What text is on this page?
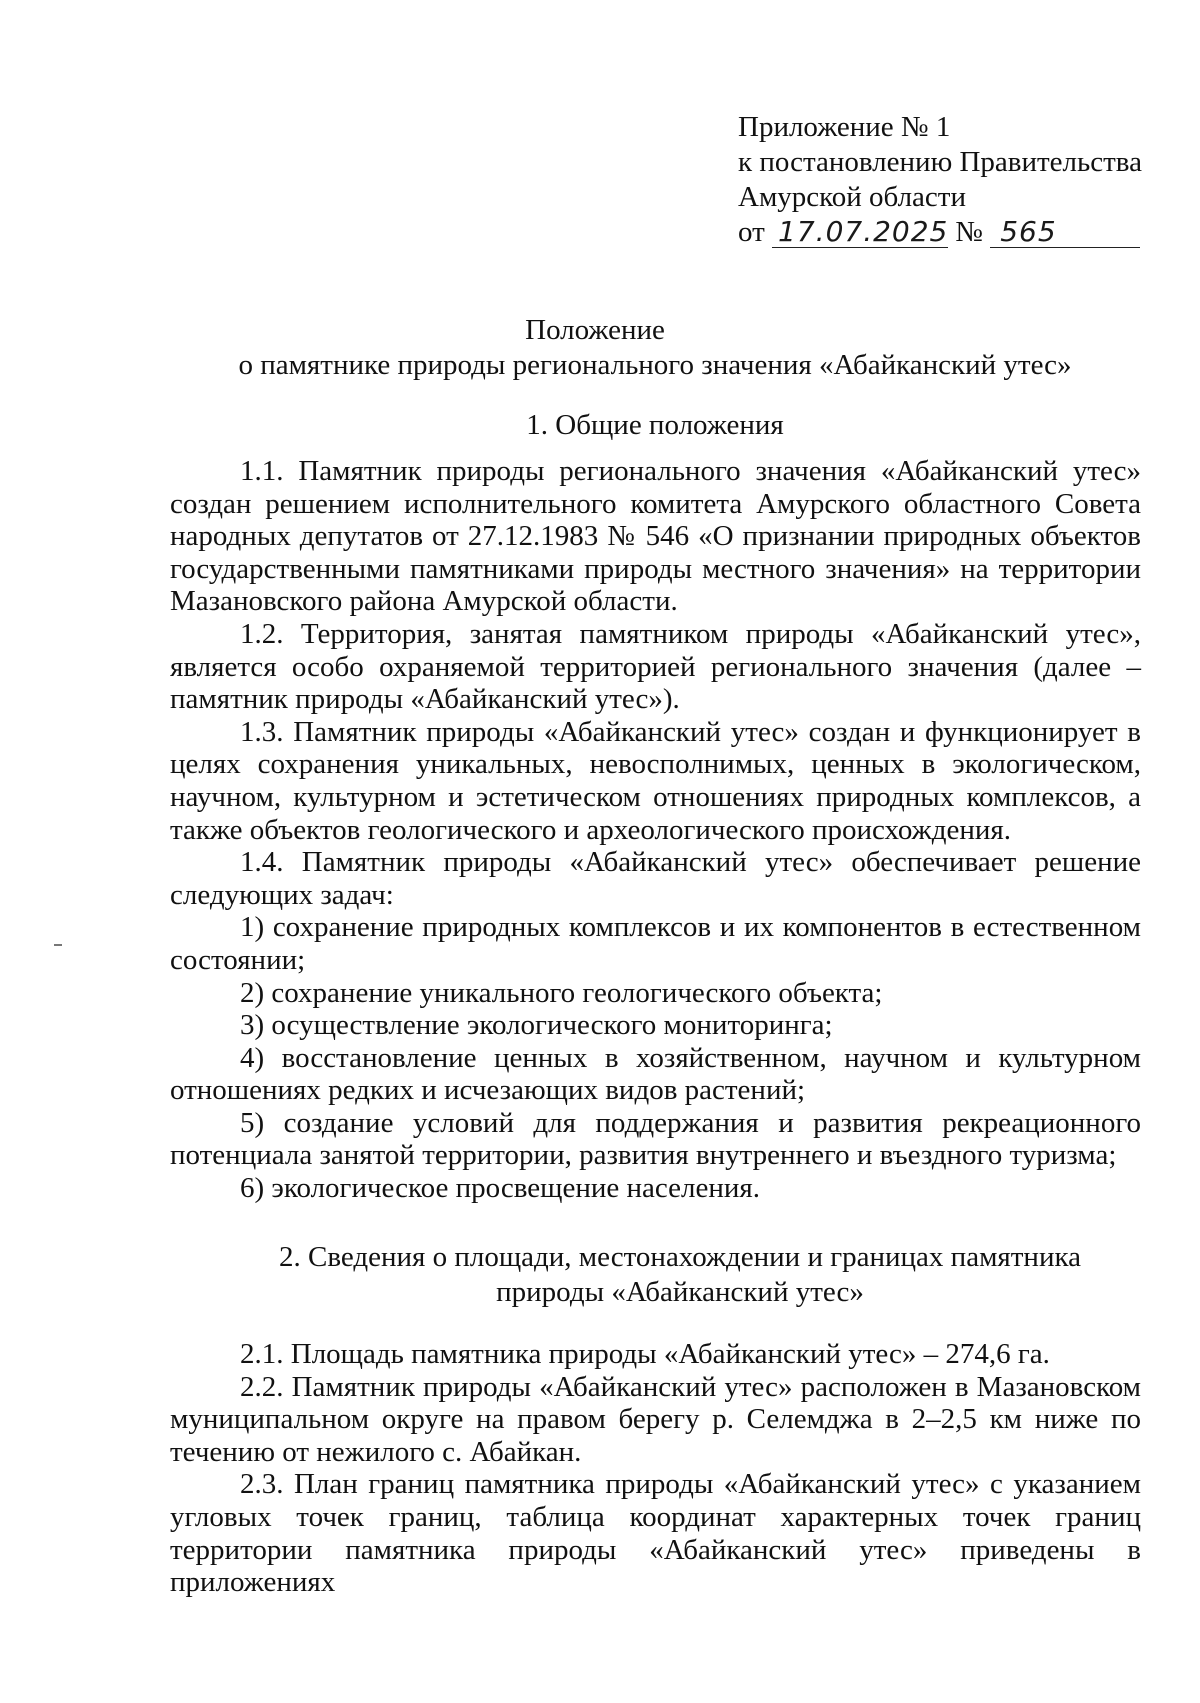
Приложение № 1
к постановлению Правительства
Амурской области
от 17.07.2025 № 565
Положение
о памятнике природы регионального значения «Абайканский утес»
1. Общие положения

1.1. Памятник природы регионального значения «Абайканский утес» создан решением исполнительного комитета Амурского областного Совета народных депутатов от 27.12.1983 № 546 «О признании природных объектов государственными памятниками природы местного значения» на территории Мазановского района Амурской области.

1.2. Территория, занятая памятником природы «Абайканский утес», является особо охраняемой территорией регионального значения (далее – памятник природы «Абайканский утес»).

1.3. Памятник природы «Абайканский утес» создан и функционирует в целях сохранения уникальных, невосполнимых, ценных в экологическом, научном, культурном и эстетическом отношениях природных комплексов, а также объектов геологического и археологического происхождения.

1.4. Памятник природы «Абайканский утес» обеспечивает решение следующих задач:

1) сохранение природных комплексов и их компонентов в естественном состоянии;

2) сохранение уникального геологического объекта;

3) осуществление экологического мониторинга;

4) восстановление ценных в хозяйственном, научном и культурном отношениях редких и исчезающих видов растений;

5) создание условий для поддержания и развития рекреационного потенциала занятой территории, развития внутреннего и въездного туризма;

6) экологическое просвещение населения.

2. Сведения о площади, местонахождении и границах памятника
природы «Абайканский утес»

2.1. Площадь памятника природы «Абайканский утес» – 274,6 га.

2.2. Памятник природы «Абайканский утес» расположен в Мазановском муниципальном округе на правом берегу р. Селемджа в 2–2,5 км ниже по течению от нежилого с. Абайкан.

2.3. План границ памятника природы «Абайканский утес» с указанием угловых точек границ, таблица координат характерных точек границ территории памятника природы «Абайканский утес» приведены в приложениях
